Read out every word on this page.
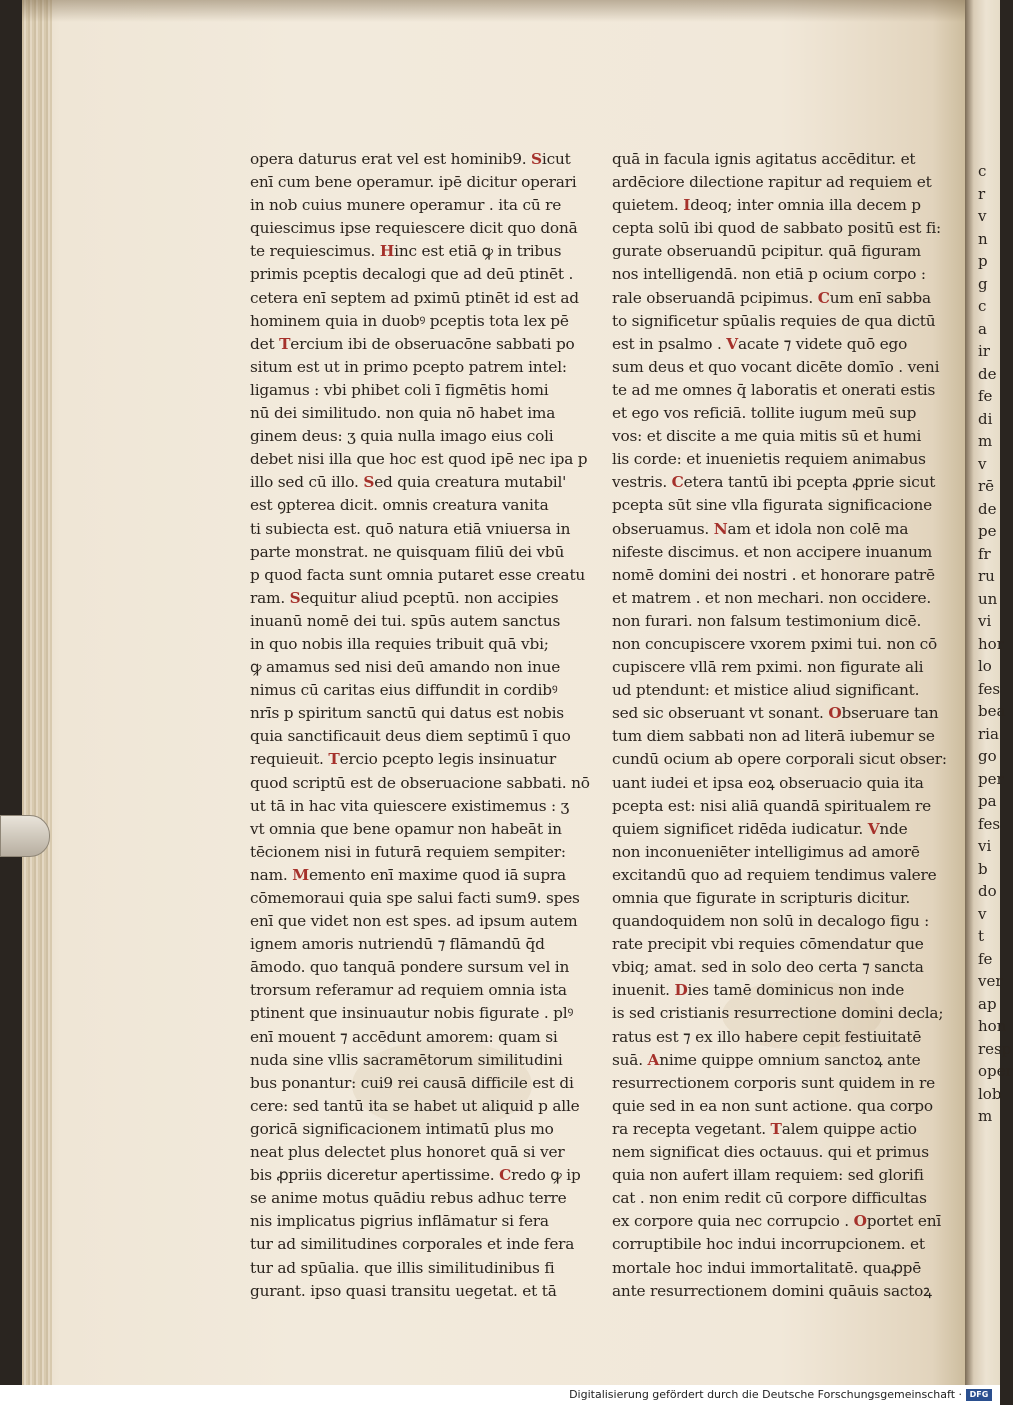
c
r
v
n
p
g
c
a
ir
de
fe
di
m
v
rē
de
pe
fr
ru
un
vi
hor
lo
fes
bea
ria
go
per
pa
fes
vi
b
do
v
t
fe
ver
ap
hon
resp
oper
lob
m
opera daturus erat vel est hominib9. Sicut
enī cum bene operamur. ipē dicitur operari
in nob cuius munere operamur . ita cū re
quiescimus ipse requiescere dicit quo donā
te requiescimus. Hinc est etiā ꝙ in tribus
primis pceptis decalogi que ad deū ptinēt .
cetera enī septem ad pximū ptinēt id est ad
hominem quia in duobꝰ pceptis tota lex pē
det Tercium ibi de obseruacōne sabbati po
situm est ut in primo pcepto patrem intel:
ligamus : vbi phibet coli ī figmētis homi
nū dei similitudo. non quia nō habet ima
ginem deus: ʒ quia nulla imago eius coli
debet nisi illa que hoc est quod ipē nec ipa p
illo sed cū illo. Sed quia creatura mutabil'
est ꝯpterea dicit. omnis creatura vanita
ti subiecta est. quō natura etiā vniuersa in
parte monstrat. ne quisquam filiū dei vbū
p quod facta sunt omnia putaret esse creatu
ram. Sequitur aliud pceptū. non accipies
inuanū nomē dei tui. spūs autem sanctus
in quo nobis illa requies tribuit quā vbi;
ꝙ amamus sed nisi deū amando non inue
nimus cū caritas eius diffundit in cordibꝰ
nrīs p spiritum sanctū qui datus est nobis
quia sanctificauit deus diem septimū ī quo
requieuit. Tercio pcepto legis insinuatur
quod scriptū est de obseruacione sabbati. nō
ut tā in hac vita quiescere existimemus : ʒ
vt omnia que bene opamur non habeāt in
tēcionem nisi in futurā requiem sempiter:
nam. Memento enī maxime quod iā supra
cōmemoraui quia spe salui facti sum9. spes
enī que videt non est spes. ad ipsum autem
ignem amoris nutriendū ⁊ flāmandū q̄d
āmodo. quo tanquā pondere sursum vel in
trorsum referamur ad requiem omnia ista
ptinent que insinuautur nobis figurate . plꝰ
enī mouent ⁊ accēdunt amorem: quam si
nuda sine vllis sacramētorum similitudini
bus ponantur: cui9 rei causā difficile est di
cere: sed tantū ita se habet ut aliquid p alle
goricā significacionem intimatū plus mo
neat plus delectet plus honoret quā si ver
bis ꝓpriis diceretur apertissime. Credo ꝙ ip
se anime motus quādiu rebus adhuc terre
nis implicatus pigrius inflāmatur si fera
tur ad similitudines corporales et inde fera
tur ad spūalia. que illis similitudinibus fi
gurant. ipso quasi transitu uegetat. et tā
quā in facula ignis agitatus accēditur. et
ardēciore dilectione rapitur ad requiem et
quietem. Ideoq; inter omnia illa decem p
cepta solū ibi quod de sabbato positū est fi:
gurate obseruandū pcipitur. quā figuram
nos intelligendā. non etiā p ocium corpo :
rale obseruandā pcipimus. Cum enī sabba
to significetur spūalis requies de qua dictū
est in psalmo . Vacate ⁊ videte quō ego
sum deus et quo vocant dicēte domīo . veni
te ad me omnes q̄ laboratis et onerati estis
et ego vos reficiā. tollite iugum meū sup
vos: et discite a me quia mitis sū et humi
lis corde: et inuenietis requiem animabus
vestris. Cetera tantū ibi pcepta ꝓprie sicut
pcepta sūt sine vlla figurata significacione
obseruamus. Nam et idola non colē ma
nifeste discimus. et non accipere inuanum
nomē domini dei nostri . et honorare patrē
et matrem . et non mechari. non occidere.
non furari. non falsum testimonium dicē.
non concupiscere vxorem pximi tui. non cō
cupiscere vllā rem pximi. non figurate ali
ud ptendunt: et mistice aliud significant.
sed sic obseruant vt sonant. Obseruare tan
tum diem sabbati non ad literā iubemur se
cundū ocium ab opere corporali sicut obser:
uant iudei et ipsa eoꝝ obseruacio quia ita
pcepta est: nisi aliā quandā spiritualem re
quiem significet ridēda iudicatur. Vnde
non inconueniēter intelligimus ad amorē
excitandū quo ad requiem tendimus valere
omnia que figurate in scripturis dicitur.
quandoquidem non solū in decalogo figu :
rate precipit vbi requies cōmendatur que
vbiq; amat. sed in solo deo certa ⁊ sancta
inuenit. Dies tamē dominicus non inde
is sed cristianis resurrectione domini decla;
ratus est ⁊ ex illo habere cepit festiuitatē
suā. Anime quippe omnium sanctoꝝ ante
resurrectionem corporis sunt quidem in re
quie sed in ea non sunt actione. qua corpo
ra recepta vegetant. Talem quippe actio
nem significat dies octauus. qui et primus
quia non aufert illam requiem: sed glorifi
cat . non enim redit cū corpore difficultas
ex corpore quia nec corrupcio . Oportet enī
corruptibile hoc indui incorrupcionem. et
mortale hoc indui immortalitatē. quaꝓpē
ante resurrectionem domini quāuis sactoꝝ
Digitalisierung gefördert durch die Deutsche Forschungsgemeinschaft · DFG
